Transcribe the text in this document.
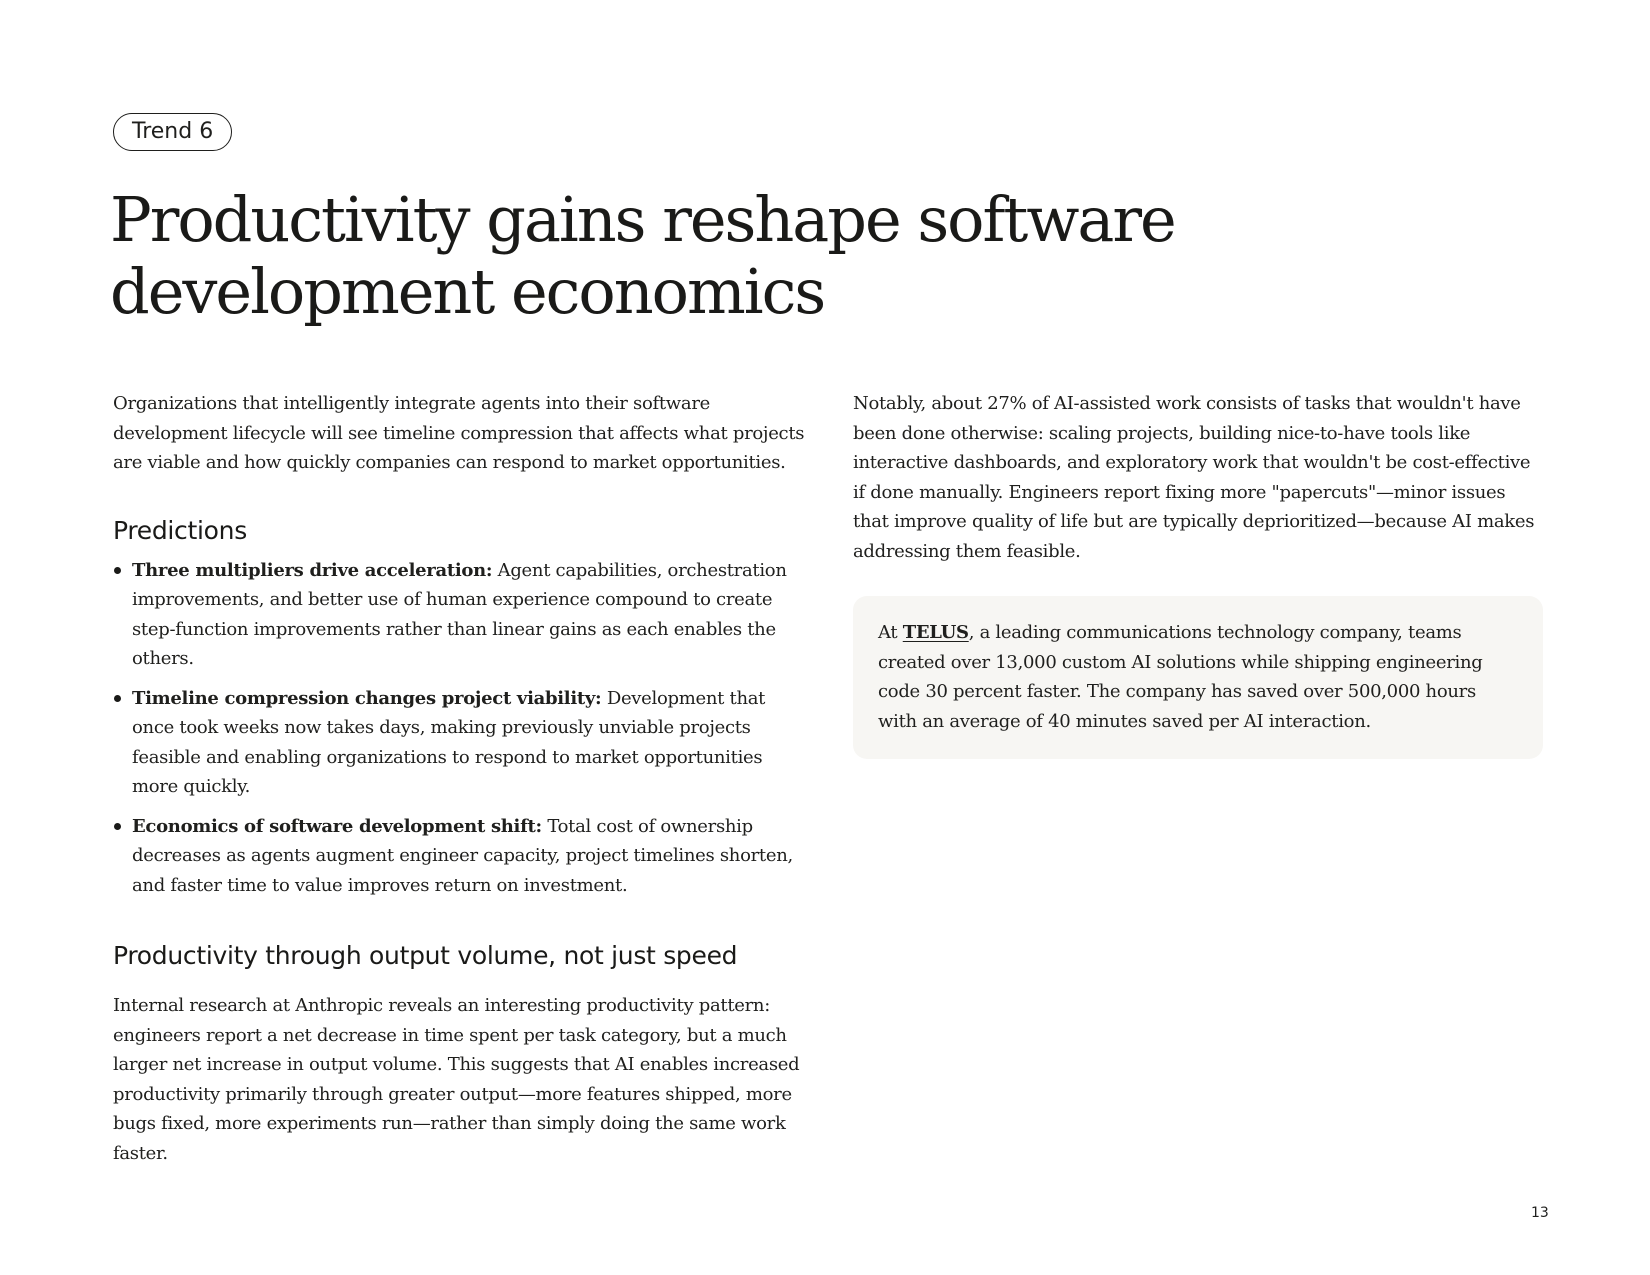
Trend 6
Productivity gains reshape software
development economics

Organizations that intelligently integrate agents into their software development lifecycle will see timeline compression that affects what projects are viable and how quickly companies can respond to market opportunities.

Predictions
Three multipliers drive acceleration: Agent capabilities, orchestration improvements, and better use of human experience compound to create step-function improvements rather than linear gains as each enables the others.
Timeline compression changes project viability: Development that once took weeks now takes days, making previously unviable projects feasible and enabling organizations to respond to market opportunities more quickly.
Economics of software development shift: Total cost of ownership decreases as agents augment engineer capacity, project timelines shorten, and faster time to value improves return on investment.
Productivity through output volume, not just speed

Internal research at Anthropic reveals an interesting productivity pattern: engineers report a net decrease in time spent per task category, but a much larger net increase in output volume. This suggests that AI enables increased productivity primarily through greater output—more features shipped, more bugs fixed, more experiments run—rather than simply doing the same work faster.

Notably, about 27% of AI-assisted work consists of tasks that wouldn't have been done otherwise: scaling projects, building nice-to-have tools like interactive dashboards, and exploratory work that wouldn't be cost-effective if done manually. Engineers report fixing more "papercuts"—minor issues that improve quality of life but are typically deprioritized—because AI makes addressing them feasible.

At TELUS, a leading communications technology company, teams created over 13,000 custom AI solutions while shipping engineering code 30 percent faster. The company has saved over 500,000 hours with an average of 40 minutes saved per AI interaction.
13
